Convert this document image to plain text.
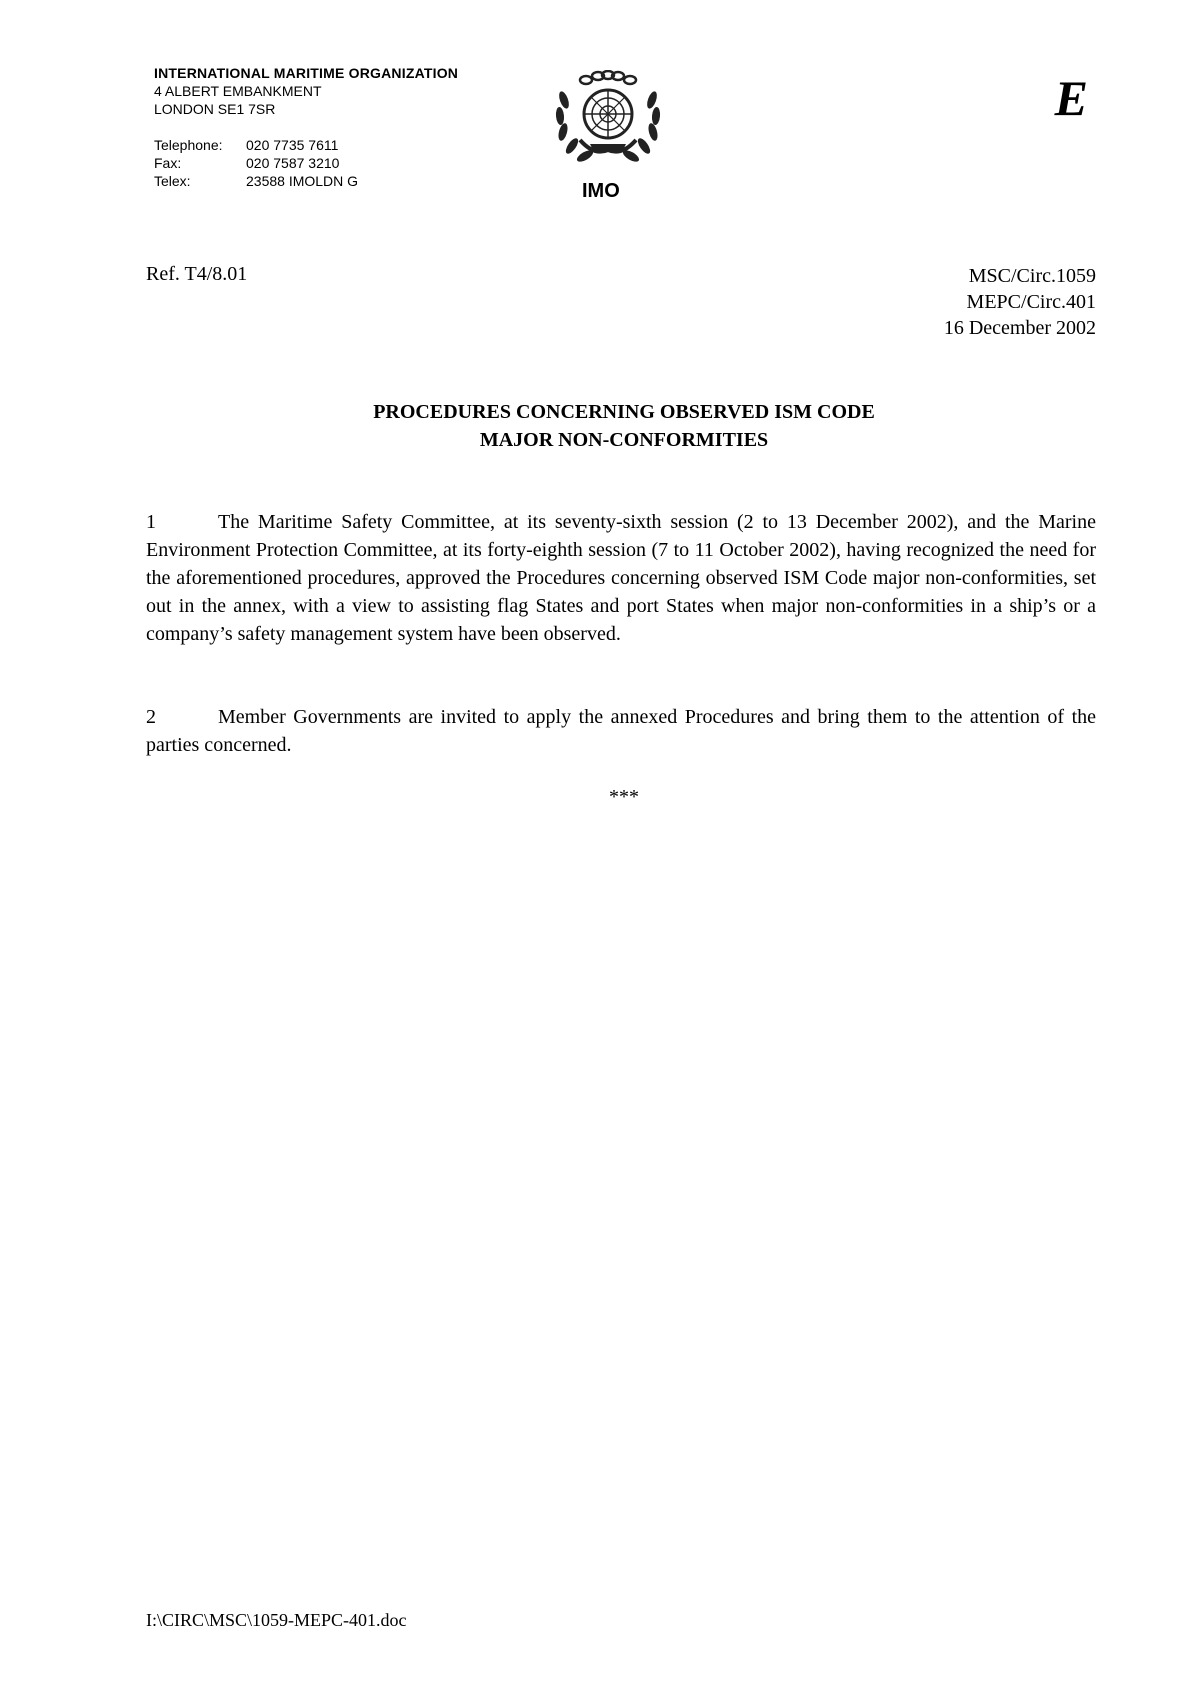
INTERNATIONAL MARITIME ORGANIZATION
4 ALBERT EMBANKMENT
LONDON SE1 7SR
Telephone:	020 7735 7611
Fax:	020 7587 3210
Telex:	23588 IMOLDN G	IMO
E
Ref. T4/8.01	MSC/Circ.1059
MEPC/Circ.401
16 December 2002
PROCEDURES CONCERNING OBSERVED ISM CODE
MAJOR NON-CONFORMITIES
1	The Maritime Safety Committee, at its seventy-sixth session (2 to 13 December 2002), and the Marine Environment Protection Committee, at its forty-eighth session (7 to 11 October 2002), having recognized the need for the aforementioned procedures, approved the Procedures concerning observed ISM Code major non-conformities, set out in the annex, with a view to assisting flag States and port States when major non-conformities in a ship’s or a company’s safety management system have been observed.
2	Member Governments are invited to apply the annexed Procedures and bring them to the attention of the parties concerned.
***
I:\CIRC\MSC\1059-MEPC-401.doc
